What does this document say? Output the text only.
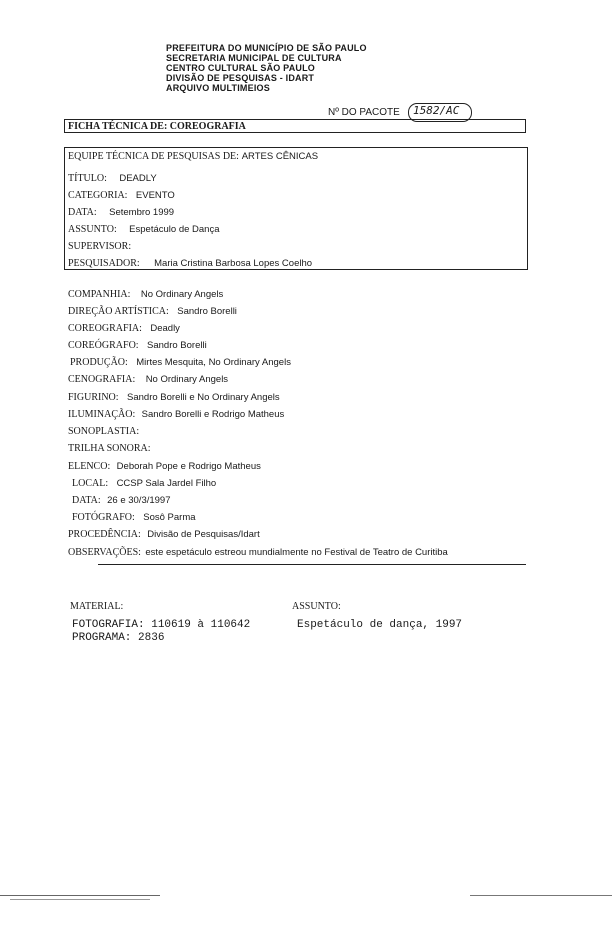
PREFEITURA DO MUNICÍPIO DE SÃO PAULO
SECRETARIA MUNICIPAL DE CULTURA
CENTRO CULTURAL SÃO PAULO
DIVISÃO DE PESQUISAS - IDART
ARQUIVO MULTIMEIOS
Nº DO PACOTE 1582/AC
FICHA TÉCNICA DE: COREOGRAFIA
EQUIPE TÉCNICA DE PESQUISAS DE: ARTES CÊNICAS
TÍTULO: DEADLY
CATEGORIA: EVENTO
DATA: Setembro 1999
ASSUNTO: Espetáculo de Dança
SUPERVISOR:
PESQUISADOR: Maria Cristina Barbosa Lopes Coelho
COMPANHIA: No Ordinary Angels
DIREÇÃO ARTÍSTICA: Sandro Borelli
COREOGRAFIA: Deadly
COREÓGRAFO: Sandro Borelli
PRODUÇÃO: Mirtes Mesquita, No Ordinary Angels
CENOGRAFIA: No Ordinary Angels
FIGURINO: Sandro Borelli e No Ordinary Angels
ILUMINAÇÃO: Sandro Borelli e Rodrigo Matheus
SONOPLASTIA:
TRILHA SONORA:
ELENCO: Deborah Pope e Rodrigo Matheus
LOCAL: CCSP Sala Jardel Filho
DATA: 26 e 30/3/1997
FOTÓGRAFO: Sosô Parma
PROCEDÊNCIA: Divisão de Pesquisas/Idart
OBSERVAÇÕES: este espetáculo estreou mundialmente no Festival de Teatro de Curitiba
MATERIAL:	ASSUNTO:
FOTOGRAFIA: 110619 à 110642
PROGRAMA: 2836
Espetáculo de dança, 1997
